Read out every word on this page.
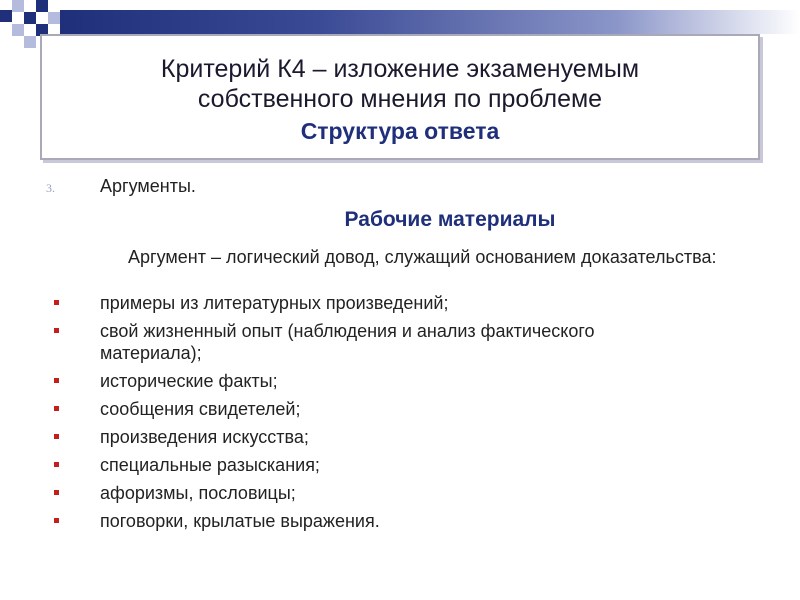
Критерий К4 – изложение экзаменуемым
собственного мнения по проблеме
Структура ответа
3.	Аргументы.
Рабочие материалы
Аргумент – логический довод, служащий основанием доказательства:
примеры из литературных произведений;
свой жизненный опыт (наблюдения и анализ фактического материала);
исторические факты;
сообщения свидетелей;
произведения искусства;
специальные разыскания;
афоризмы, пословицы;
поговорки, крылатые выражения.
